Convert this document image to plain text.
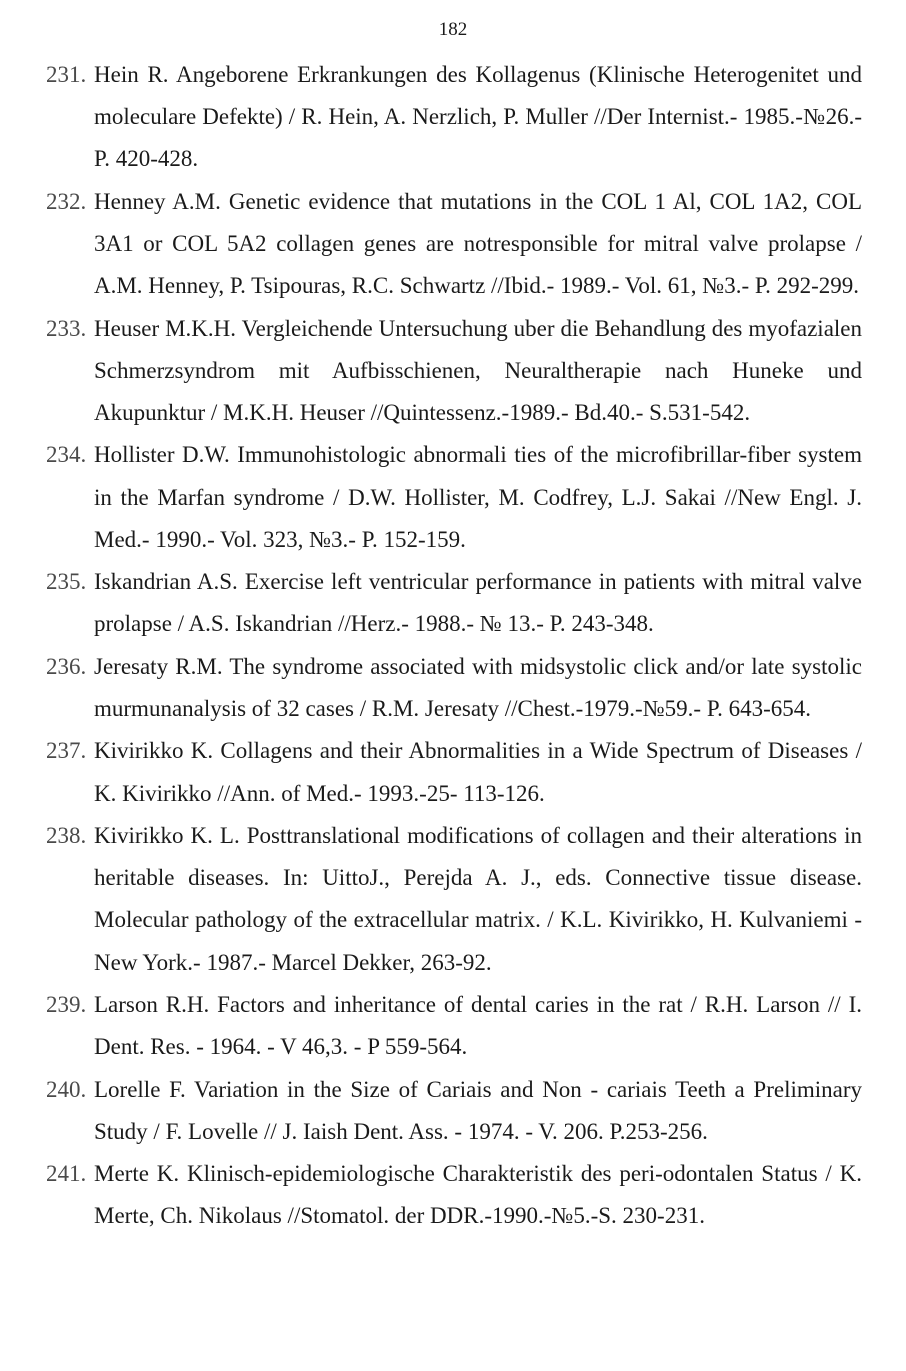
182
231. Hein R. Angeborene Erkrankungen des Kollagenus (Klinische Heterogenitet und moleculare Defekte) / R. Hein, A. Nerzlich, P. Muller //Der Internist.- 1985.-№26.-P. 420-428.
232. Henney A.M. Genetic evidence that mutations in the COL 1 Al, COL 1A2, COL 3A1 or COL 5A2 collagen genes are notresponsible for mitral valve prolapse / A.M. Henney, P. Tsipouras, R.C. Schwartz //Ibid.- 1989.- Vol. 61, №3.- P. 292-299.
233. Heuser M.K.H. Vergleichende Untersuchung uber die Behandlung des myofazialen Schmerzsyndrom mit Aufbisschienen, Neuraltherapie nach Huneke und Akupunktur / M.K.H. Heuser //Quintessenz.-1989.- Bd.40.- S.531-542.
234. Hollister D.W. Immunohistologic abnormali ties of the microfibrillar-fiber system in the Marfan syndrome / D.W. Hollister, M. Codfrey, L.J. Sakai //New Engl. J. Med.- 1990.- Vol. 323, №3.- P. 152-159.
235. Iskandrian A.S. Exercise left ventricular performance in patients with mitral valve prolapse / A.S. Iskandrian //Herz.- 1988.- № 13.- P. 243-348.
236. Jeresaty R.M. The syndrome associated with midsystolic click and/or late systolic murmunanalysis of 32 cases / R.M. Jeresaty //Chest.-1979.-№59.- P. 643-654.
237. Kivirikko K. Collagens and their Abnormalities in a Wide Spectrum of Diseases / K. Kivirikko //Ann. of Med.- 1993.-25- 113-126.
238. Kivirikko K. L. Posttranslational modifications of collagen and their alterations in heritable diseases. In: UittoJ., Perejda A. J., eds. Connective tissue disease. Molecular pathology of the extracellular matrix. / K.L. Kivirikko, H. Kulvaniemi - New York.- 1987.- Marcel Dekker, 263-92.
239. Larson R.H. Factors and inheritance of dental caries in the rat / R.H. Larson // I. Dent. Res. - 1964. - V 46,3. - P 559-564.
240. Lorelle F. Variation in the Size of Cariais and Non - cariais Teeth a Preliminary Study / F. Lovelle // J. Iaish Dent. Ass. - 1974. - V. 206. P.253-256.
241. Merte K. Klinisch-epidemiologische Charakteristik des peri-odontalen Status / K. Merte, Ch. Nikolaus //Stomatol. der DDR.-1990.-№5.-S. 230-231.
